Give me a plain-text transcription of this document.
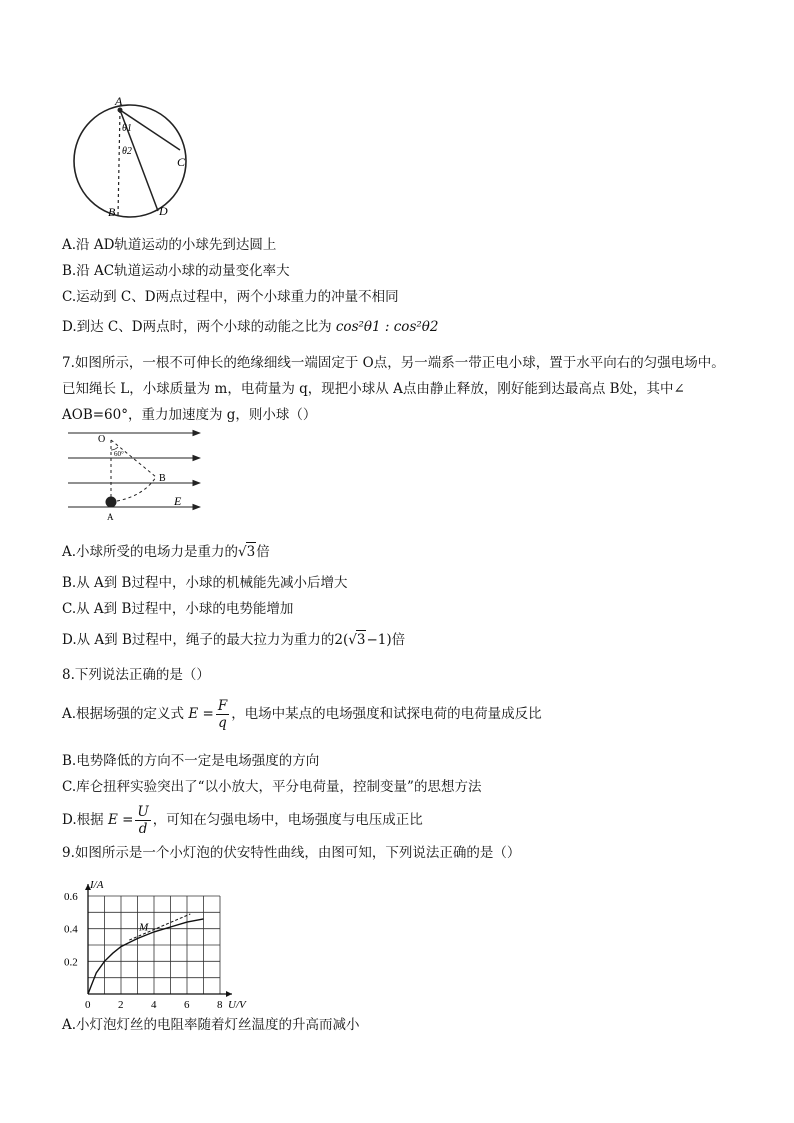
A
θ1
θ2
C
B	D
A.沿 AD轨道运动的小球先到达圆上
B.沿 AC轨道运动小球的动量变化率大
C.运动到 C、D两点过程中，两个小球重力的冲量不相同
D.到达 C、D两点时，两个小球的动能之比为 cos²θ1 : cos²θ2
7.如图所示，一根不可伸长的绝缘细线一端固定于 O点，另一端系一带正电小球，置于水平向右的匀强电场中。
已知绳长 L，小球质量为 m，电荷量为 q，现把小球从 A点由静止释放，刚好能到达最高点 B处，其中∠
AOB=60°，重力加速度为 g，则小球（）
O
60°
B
E
A
A.小球所受的电场力是重力的√3倍
B.从 A到 B过程中，小球的机械能先减小后增大
C.从 A到 B过程中，小球的电势能增加
D.从 A到 B过程中，绳子的最大拉力为重力的2(√3−1)倍
8.下列说法正确的是（）
A.根据场强的定义式 $E = \frac{F}{q}$ ，电场中某点的电场强度和试探电荷的电荷量成反比
B.电势降低的方向不一定是电场强度的方向
C.库仑扭秤实验突出了“以小放大，平分电荷量，控制变量”的思想方法
D.根据 $E = \frac{U}{d}$ ，可知在匀强电场中，电场强度与电压成正比
9.如图所示是一个小灯泡的伏安特性曲线，由图可知，下列说法正确的是（）
0	2	4	6	8
0.2
0.4
0.6
U/V
I/A
M
A.小灯泡灯丝的电阻率随着灯丝温度的升高而减小
